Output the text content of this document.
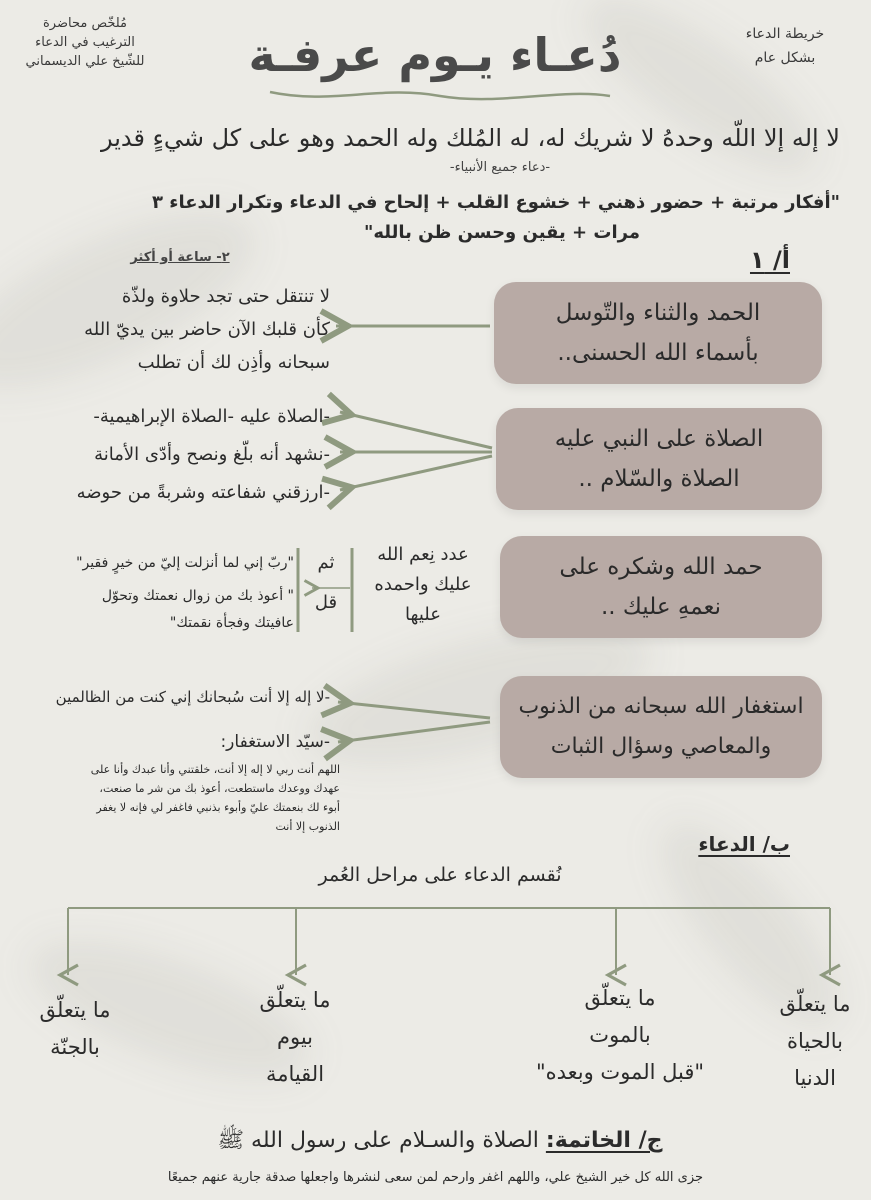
مُلخّص محاضرة
الترغيب في الدعاء
للشّيخ علي الديسماني	دُعـاء يـوم عرفـة	خريطة الدعاء
بشكل عام
لا إله إلا اللّه وحدهُ لا شريك له، له المُلك وله الحمد وهو على كل شيءٍ قدير
-دعاء جميع الأنبياء-
"أفكار مرتبة + حضور ذهني + خشوع القلب + إلحاح في الدعاء وتكرار الدعاء ٣
مرات + يقين وحسن ظن بالله"
أ/ ١
٢- ساعة أو أكثر
الحمد والثناء والتّوسل
بأسماء الله الحسنى..
لا تنتقل حتى تجد حلاوة ولذّة
كأن قلبك الآن حاضر بين يديّ الله
سبحانه وأذِن لك أن تطلب
الصلاة على النبي عليه
الصلاة والسّلام ..
-الصلاة عليه -الصلاة الإبراهيمية-
-نشهد أنه بلّغ ونصح وأدّى الأمانة
-ارزقني شفاعته وشربةً من حوضه
حمد الله وشكره على
نعمهِ عليك ..
عدد نِعم الله
عليك واحمده
عليها
ثم
قل
"ربّ إني لما أنزلت إليّ من خيرٍ فقير"
" أعوذ بك من زوال نعمتك وتحوّل
عافيتك وفجأة نقمتك"
استغفار الله سبحانه من الذنوب
والمعاصي وسؤال الثبات
-لا إله إلا أنت سُبحانك إني كنت من الظالمين
-سيّد الاستغفار:
اللهم أنت ربي لا إله إلا أنت، خلقتني وأنا عبدك وأنا على
عهدك ووعدك ماستطعت، أعوذ بك من شر ما صنعت،
أبوء لك بنعمتك عليّ وأبوء بذنبي فاغفر لي فإنه لا يغفر
الذنوب إلا أنت
ب/ الدعاء
نُقسم الدعاء على مراحل العُمر
ما يتعلّق
بالحياة
الدنيا
ما يتعلّق
بالموت
"قبل الموت وبعده"
ما يتعلّق
بيوم
القيامة
ما يتعلّق
بالجنّة
ج/ الخاتمة: الصلاة والسـلام على رسول الله ﷺ
جزى الله كل خير الشيخ علي، واللهم اغفر وارحم لمن سعى لنشرها واجعلها صدقة جارية عنهم جميعًا
